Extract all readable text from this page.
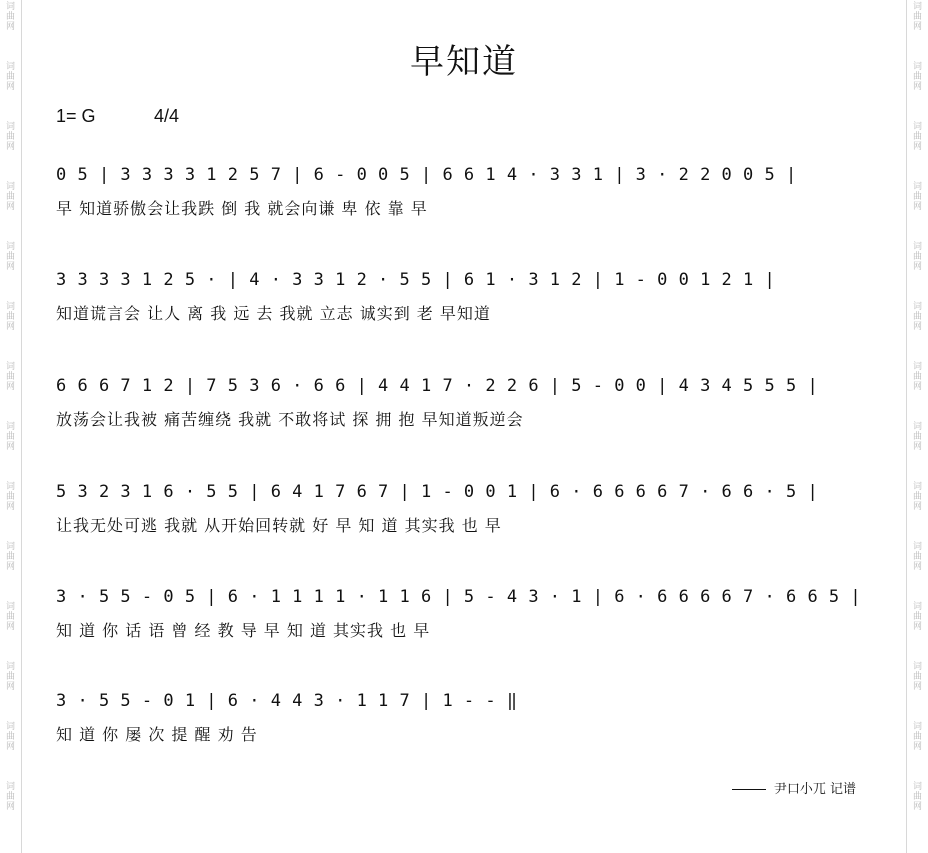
词曲网
词曲网
词曲网
词曲网
词曲网
词曲网
词曲网
词曲网
词曲网
词曲网
词曲网
词曲网
词曲网
词曲网
词曲网
词曲网
词曲网
词曲网
词曲网
词曲网
词曲网
词曲网
词曲网
词曲网
词曲网
词曲网
词曲网
词曲网
早知道
1= G	4/4
0 5 | 3 3 3 3 1 2 5 7 | 6 - 0 0 5 | 6 6 1 4 · 3 3 1 | 3 · 2 2 0 0 5 |
早 知道骄傲会让我跌 倒 我 就会向谦 卑 依 靠 早
3 3 3 3 1 2 5 · | 4 · 3 3 1 2 · 5 5 | 6 1 · 3 1 2 | 1 - 0 0 1 2 1 |
知道谎言会 让人 离 我 远 去 我就 立志 诚实到 老 早知道
6 6 6 7 1 2 | 7 5 3 6 · 6 6 | 4 4 1 7 · 2 2 6 | 5 - 0 0 | 4 3 4 5 5 5 |
放荡会让我被 痛苦缠绕 我就 不敢将试 探 拥 抱 早知道叛逆会
5 3 2 3 1 6 · 5 5 | 6 4 1 7 6 7 | 1 - 0 0 1 | 6 · 6 6 6 6 7 · 6 6 · 5 |
让我无处可逃 我就 从开始回转就 好 早 知 道 其实我 也 早
3 · 5 5 - 0 5 | 6 · 1 1 1 1 · 1 1 6 | 5 - 4 3 · 1 | 6 · 6 6 6 6 7 · 6 6 5 |
知 道 你 话 语 曾 经 教 导 早 知 道 其实我 也 早
3 · 5 5 - 0 1 | 6 · 4 4 3 · 1 1 7 | 1 - - ‖
知 道 你 屡 次 提 醒 劝 告
尹口小兀 记谱
